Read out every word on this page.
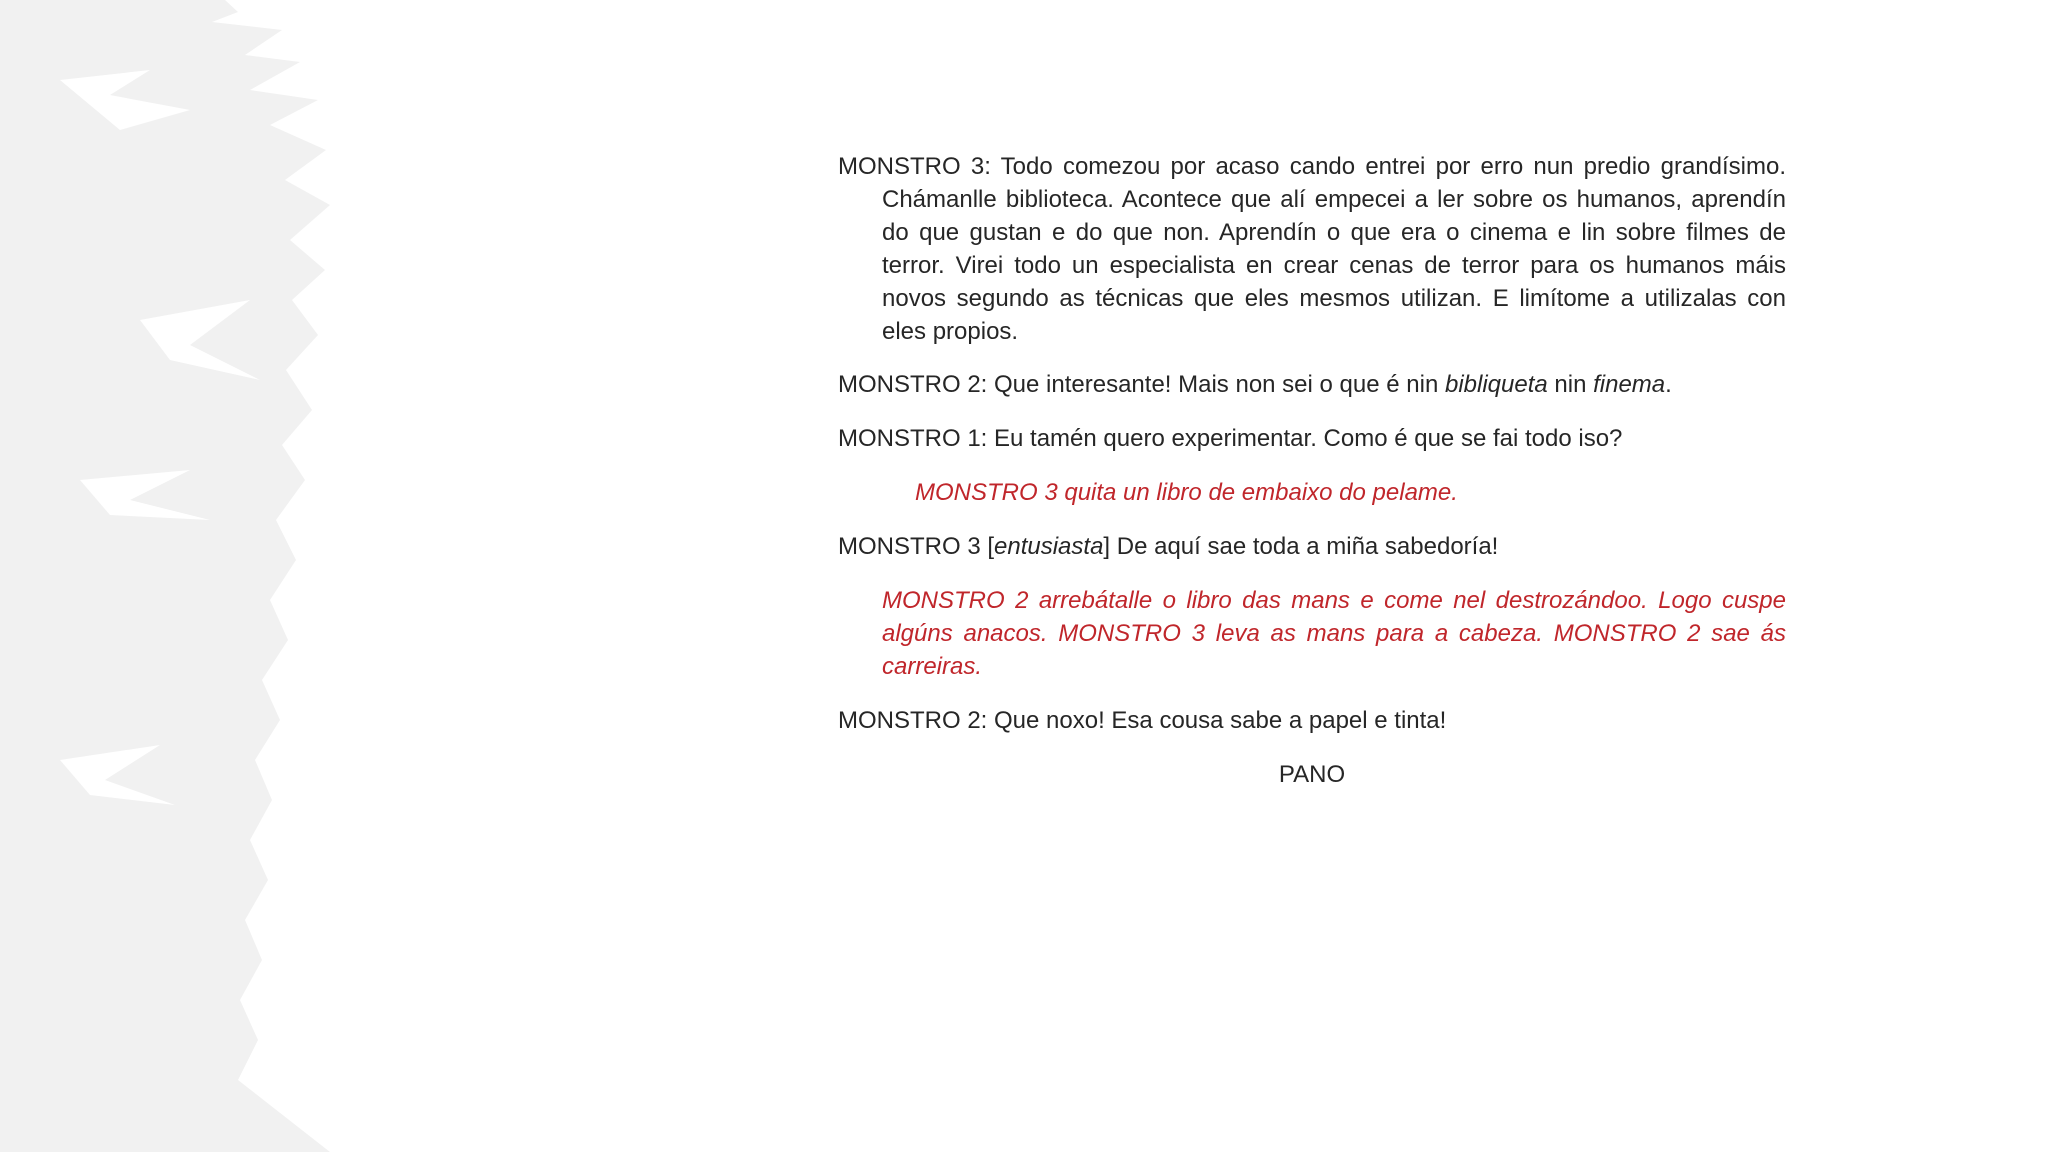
MONSTRO 3: Todo comezou por acaso cando entrei por erro nun predio grandísimo. Chámanlle biblioteca. Acontece que alí empecei a ler sobre os humanos, aprendín do que gustan e do que non. Aprendín o que era o cinema e lin sobre filmes de terror. Virei todo un especialista en crear cenas de terror para os humanos máis novos segundo as técnicas que eles mesmos utilizan. E limítome a utilizalas con eles propios.

MONSTRO 2: Que interesante! Mais non sei o que é nin bibliqueta nin finema.

MONSTRO 1: Eu tamén quero experimentar. Como é que se fai todo iso?

MONSTRO 3 quita un libro de embaixo do pelame.

MONSTRO 3 [entusiasta] De aquí sae toda a miña sabedoría!

MONSTRO 2 arrebátalle o libro das mans e come nel destrozándoo. Logo cuspe algúns anacos. MONSTRO 3 leva as mans para a cabeza. MONSTRO 2 sae ás carreiras.

MONSTRO 2: Que noxo! Esa cousa sabe a papel e tinta!

PANO
